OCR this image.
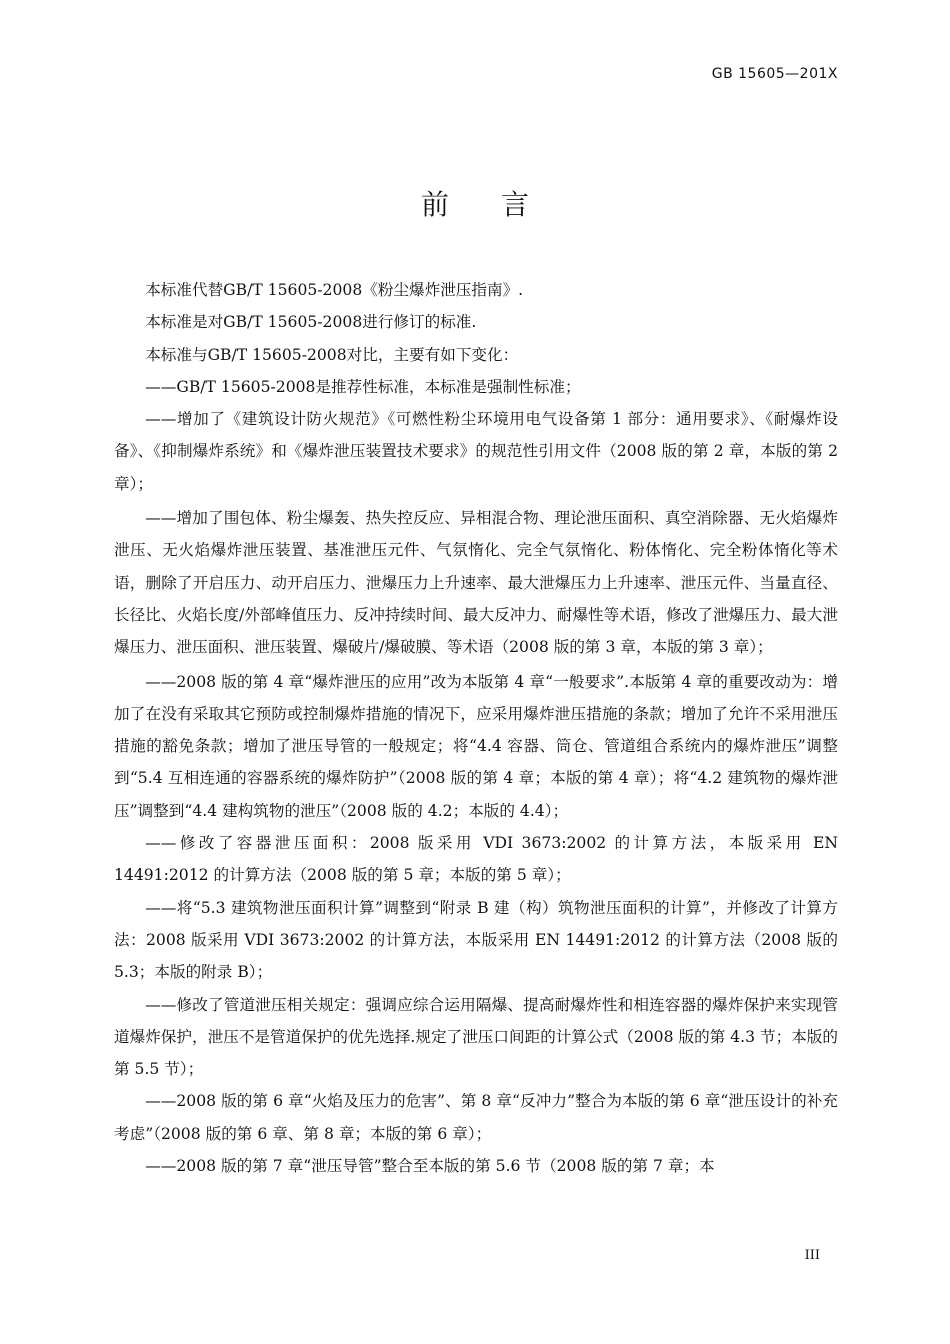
GB 15605—201X
前言

本标准代替GB/T 15605-2008《粉尘爆炸泄压指南》.

本标准是对GB/T 15605-2008进行修订的标准.

本标准与GB/T 15605-2008对比，主要有如下变化：

——GB/T 15605-2008是推荐性标准，本标准是强制性标准；

——增加了《建筑设计防火规范》《可燃性粉尘环境用电气设备第 1 部分：通用要求》、《耐爆炸设备》、《抑制爆炸系统》和《爆炸泄压装置技术要求》的规范性引用文件（2008 版的第 2 章，本版的第 2 章）；

——增加了围包体、粉尘爆轰、热失控反应、异相混合物、理论泄压面积、真空消除器、无火焰爆炸泄压、无火焰爆炸泄压装置、基准泄压元件、气氛惰化、完全气氛惰化、粉体惰化、完全粉体惰化等术语，删除了开启压力、动开启压力、泄爆压力上升速率、最大泄爆压力上升速率、泄压元件、当量直径、长径比、火焰长度/外部峰值压力、反冲持续时间、最大反冲力、耐爆性等术语，修改了泄爆压力、最大泄爆压力、泄压面积、泄压装置、爆破片/爆破膜、等术语（2008 版的第 3 章，本版的第 3 章）；

——2008 版的第 4 章“爆炸泄压的应用”改为本版第 4 章“一般要求”.本版第 4 章的重要改动为：增加了在没有采取其它预防或控制爆炸措施的情况下，应采用爆炸泄压措施的条款；增加了允许不采用泄压措施的豁免条款；增加了泄压导管的一般规定；将“4.4 容器、筒仓、管道组合系统内的爆炸泄压”调整到“5.4 互相连通的容器系统的爆炸防护”（2008 版的第 4 章；本版的第 4 章）；将“4.2 建筑物的爆炸泄压”调整到“4.4 建构筑物的泄压”（2008 版的 4.2；本版的 4.4）；

——修改了容器泄压面积：2008 版采用 VDI 3673:2002 的计算方法，本版采用 EN 14491:2012 的计算方法（2008 版的第 5 章；本版的第 5 章）；

——将“5.3 建筑物泄压面积计算”调整到“附录 B 建（构）筑物泄压面积的计算”，并修改了计算方法：2008 版采用 VDI 3673:2002 的计算方法，本版采用 EN 14491:2012 的计算方法（2008 版的 5.3；本版的附录 B）；

——修改了管道泄压相关规定：强调应综合运用隔爆、提高耐爆炸性和相连容器的爆炸保护来实现管道爆炸保护，泄压不是管道保护的优先选择.规定了泄压口间距的计算公式（2008 版的第 4.3 节；本版的第 5.5 节）；

——2008 版的第 6 章“火焰及压力的危害”、第 8 章“反冲力”整合为本版的第 6 章“泄压设计的补充考虑”（2008 版的第 6 章、第 8 章；本版的第 6 章）；

——2008 版的第 7 章“泄压导管”整合至本版的第 5.6 节（2008 版的第 7 章；本

III
